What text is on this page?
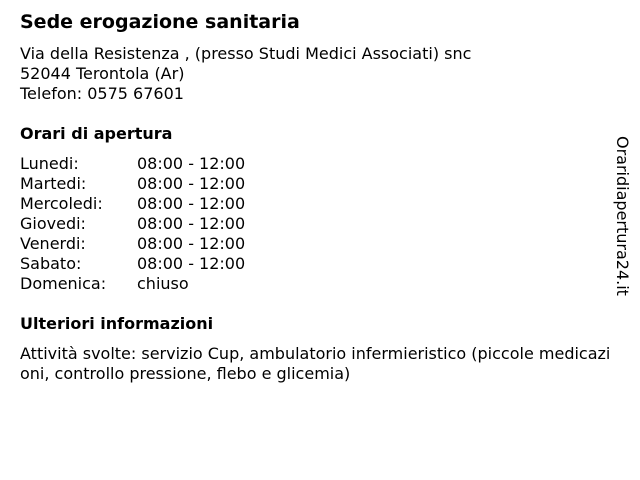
Sede erogazione sanitaria
Via della Resistenza , (presso Studi Medici Associati) snc
52044 Terontola (Ar)
Telefon: 0575 67601
Orari di apertura
Lunedi:	08:00 - 12:00
Martedi:	08:00 - 12:00
Mercoledi:	08:00 - 12:00
Giovedi:	08:00 - 12:00
Venerdi:	08:00 - 12:00
Sabato:	08:00 - 12:00
Domenica:	chiuso
Ulteriori informazioni
Attività svolte: servizio Cup, ambulatorio infermieristico (piccole medicazioni, controllo pressione, flebo e glicemia)
Oraridiapertura24.it
